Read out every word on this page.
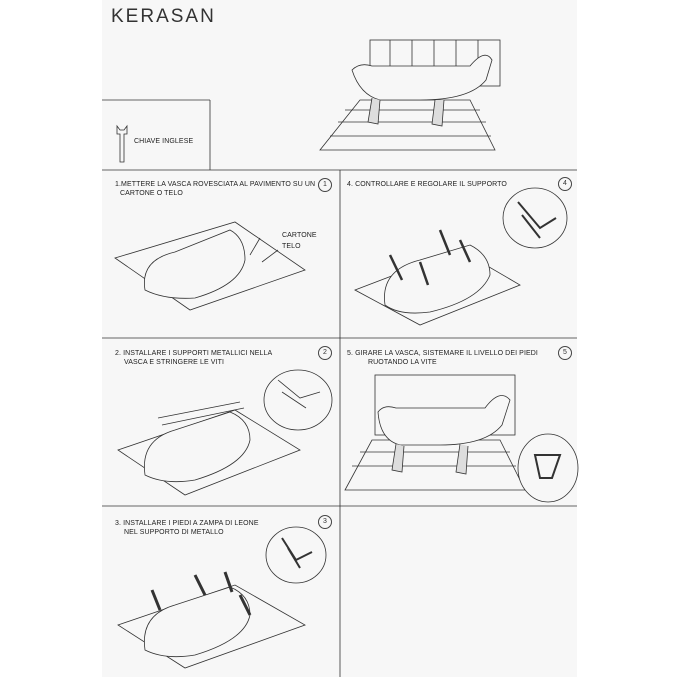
KERASAN
CHIAVE INGLESE
1.METTERE LA VASCA ROVESCIATA AL PAVIMENTO SU UN
CARTONE O TELO
1
CARTONE
TELO
2. INSTALLARE I SUPPORTI METALLICI NELLA
VASCA E STRINGERE LE VITI
2
3. INSTALLARE I PIEDI A ZAMPA DI LEONE
NEL SUPPORTO DI METALLO
3
4. CONTROLLARE E REGOLARE IL SUPPORTO	4
5. GIRARE LA VASCA, SISTEMARE IL LIVELLO DEI PIEDI
RUOTANDO LA VITE
5
